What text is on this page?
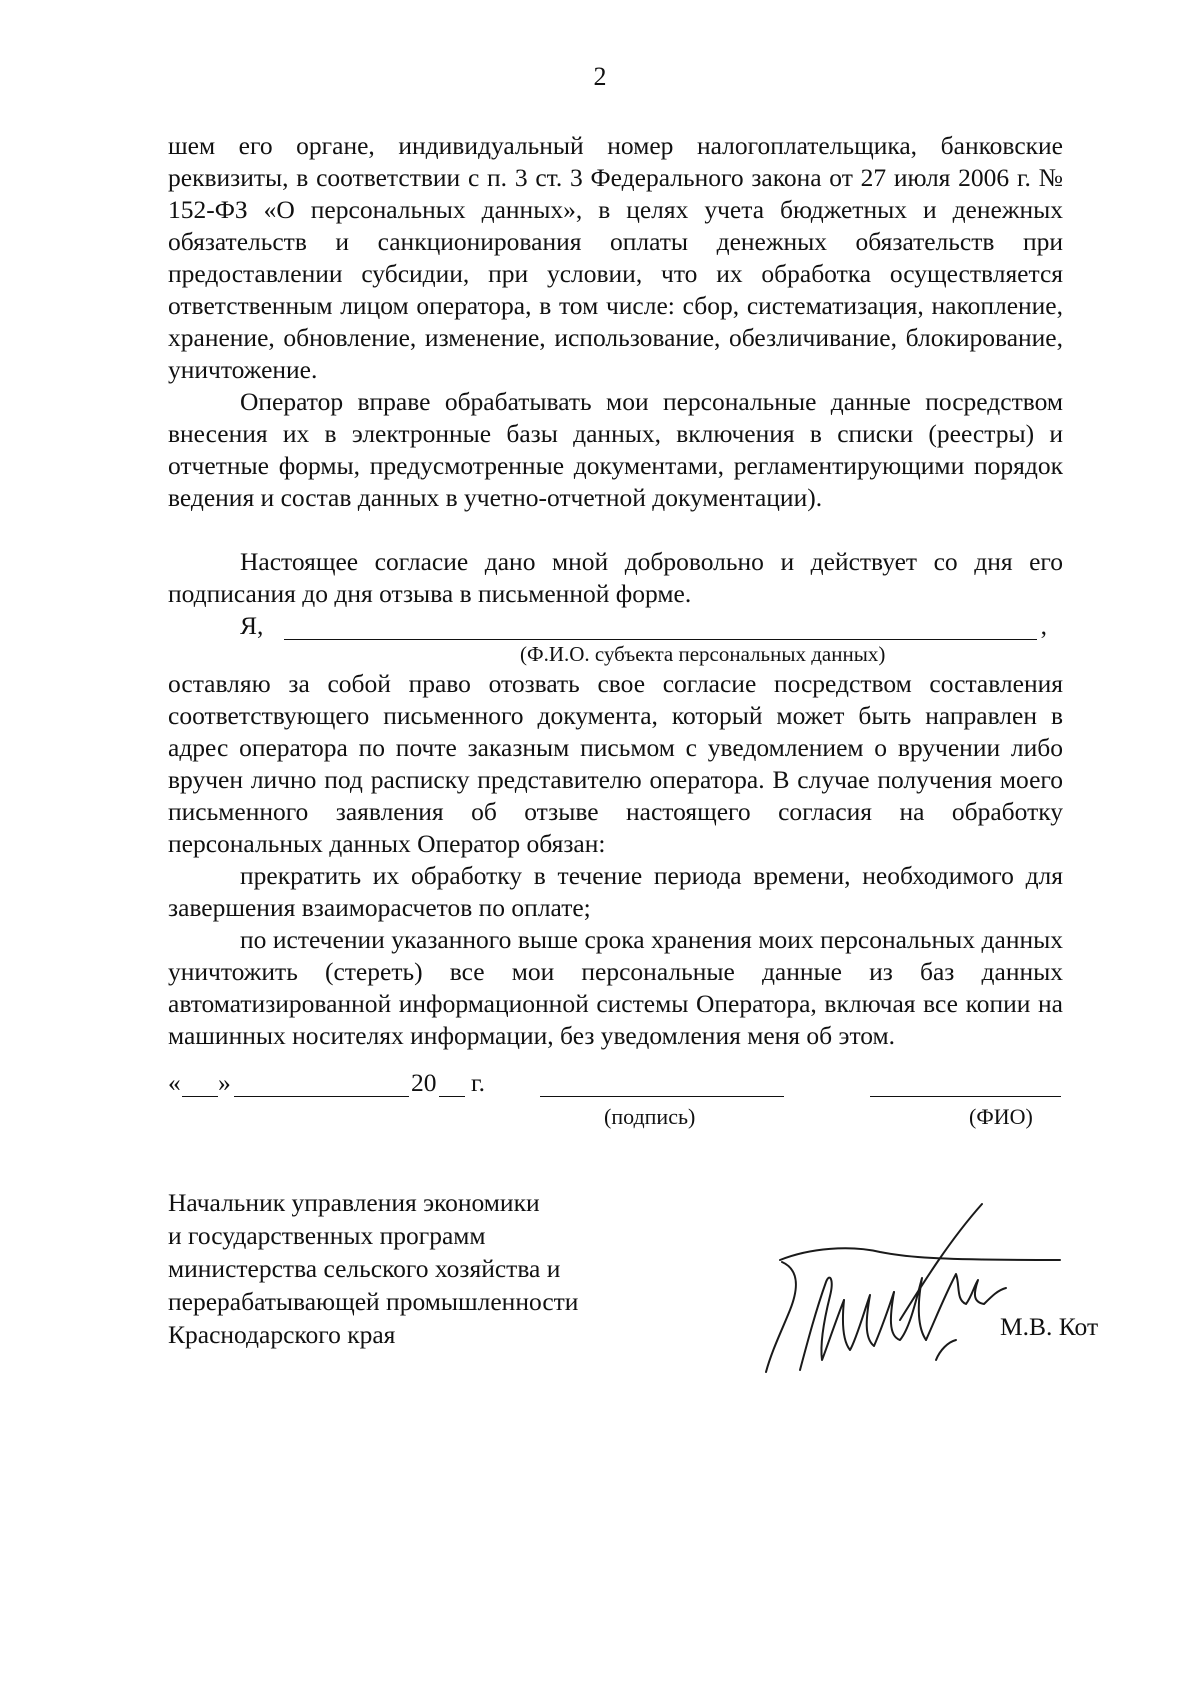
2

шем его органе, индивидуальный номер налогоплательщика, банковские реквизиты, в соответствии с п. 3 ст. 3 Федерального закона от 27 июля 2006 г. № 152-ФЗ «О персональных данных», в целях учета бюджетных и денежных обязательств и санкционирования оплаты денежных обязательств при предоставлении субсидии, при условии, что их обработка осуществляется ответственным лицом оператора, в том числе: сбор, систематизация, накопление, хранение, обновление, изменение, использование, обезличивание, блокирование, уничтожение.

Оператор вправе обрабатывать мои персональные данные посредством внесения их в электронные базы данных, включения в списки (реестры) и отчетные формы, предусмотренные документами, регламентирующими порядок ведения и состав данных в учетно-отчетной документации).

Настоящее согласие дано мной добровольно и действует со дня его подписания до дня отзыва в письменной форме.

Я,	,
(Ф.И.О. субъекта персональных данных)

оставляю за собой право отозвать свое согласие посредством составления соответствующего письменного документа, который может быть направлен в адрес оператора по почте заказным письмом с уведомлением о вручении либо вручен лично под расписку представителю оператора. В случае получения моего письменного заявления об отзыве настоящего согласия на обработку персональных данных Оператор обязан:

прекратить их обработку в течение периода времени, необходимого для завершения взаиморасчетов по оплате;

по истечении указанного выше срока хранения моих персональных данных уничтожить (стереть) все мои персональные данные из баз данных автоматизированной информационной системы Оператора, включая все копии на машинных носителях информации, без уведомления меня об этом.

« »	20 г.
(подпись)	(ФИО)
Начальник управления экономики
и государственных программ
министерства сельского хозяйства и
перерабатывающей промышленности
Краснодарского края	М.В. Кот
